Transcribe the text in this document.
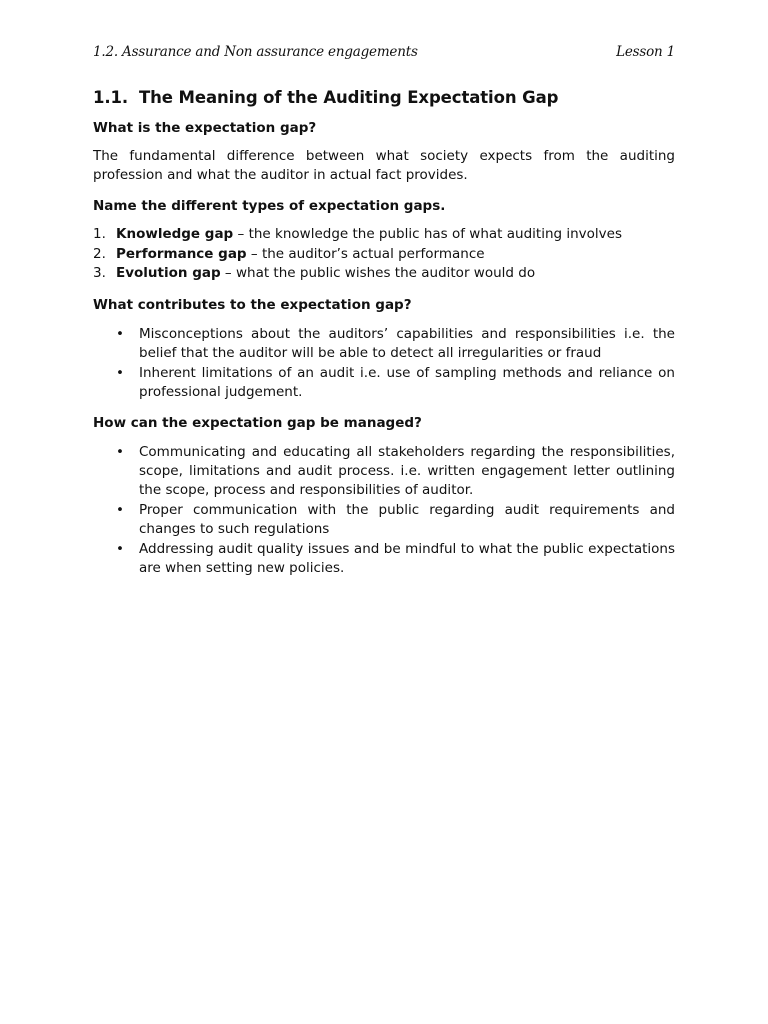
1.2. Assurance and Non assurance engagements	Lesson 1
1.1. The Meaning of the Auditing Expectation Gap
What is the expectation gap?
The fundamental difference between what society expects from the auditing profession and what the auditor in actual fact provides.
Name the different types of expectation gaps.
1. Knowledge gap – the knowledge the public has of what auditing involves
2. Performance gap – the auditor’s actual performance
3. Evolution gap – what the public wishes the auditor would do
What contributes to the expectation gap?
•	Misconceptions about the auditors’ capabilities and responsibilities i.e. the belief that the auditor will be able to detect all irregularities or fraud
•	Inherent limitations of an audit i.e. use of sampling methods and reliance on professional judgement.
How can the expectation gap be managed?
•	Communicating and educating all stakeholders regarding the responsibilities, scope, limitations and audit process. i.e. written engagement letter outlining the scope, process and responsibilities of auditor.
•	Proper communication with the public regarding audit requirements and changes to such regulations
•	Addressing audit quality issues and be mindful to what the public expectations are when setting new policies.
